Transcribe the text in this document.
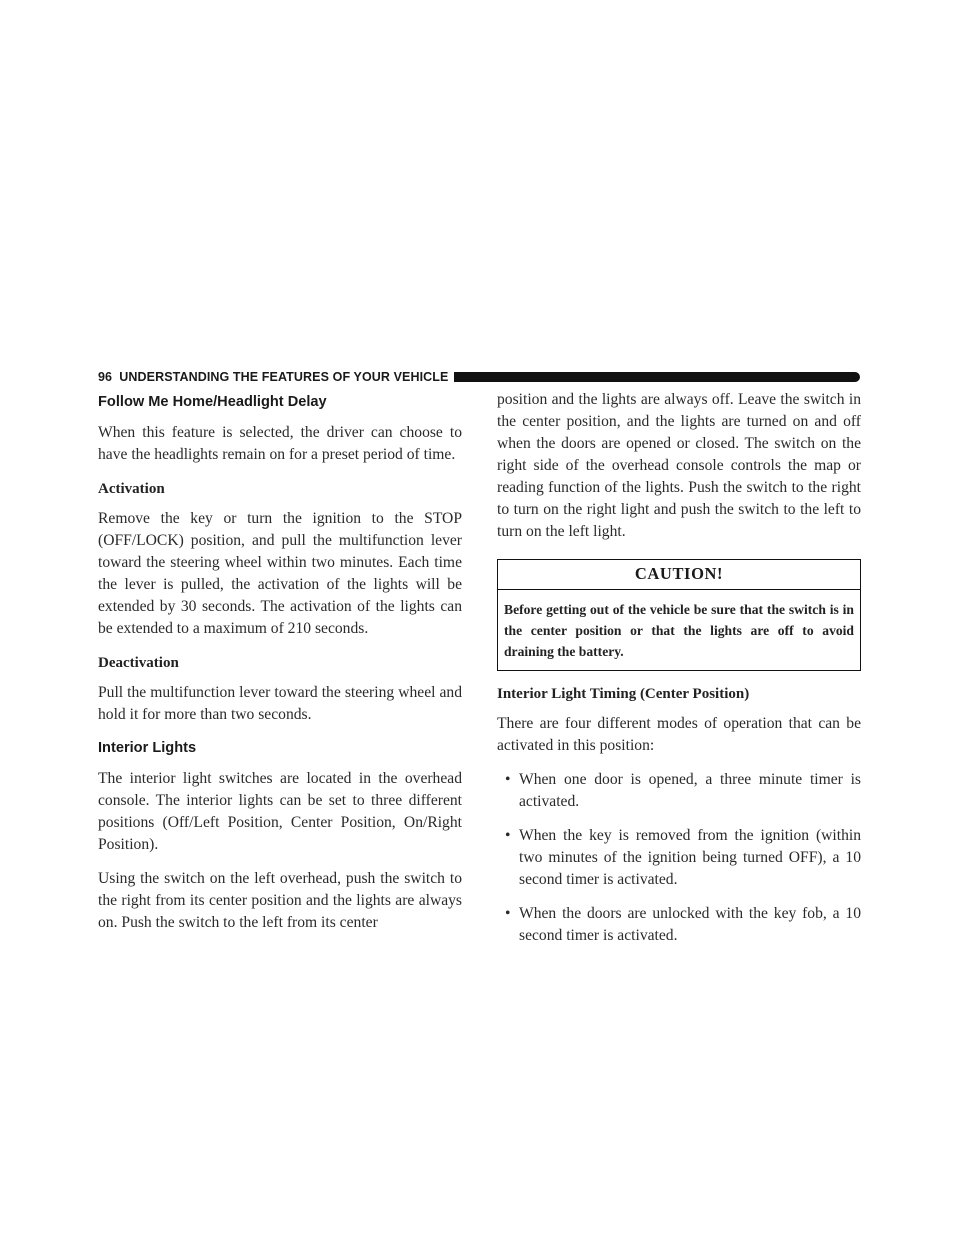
96
UNDERSTANDING THE FEATURES OF YOUR VEHICLE
Follow Me Home/Headlight Delay

When this feature is selected, the driver can choose to have the headlights remain on for a preset period of time.

Activation

Remove the key or turn the ignition to the STOP (OFF/LOCK) position, and pull the multifunction lever toward the steering wheel within two minutes. Each time the lever is pulled, the activation of the lights will be extended by 30 seconds. The activation of the lights can be extended to a maximum of 210 seconds.

Deactivation

Pull the multifunction lever toward the steering wheel and hold it for more than two seconds.

Interior Lights

The interior light switches are located in the overhead console. The interior lights can be set to three different positions (Off/Left Position, Center Position, On/Right Position).

Using the switch on the left overhead, push the switch to the right from its center position and the lights are always on. Push the switch to the left from its center

position and the lights are always off. Leave the switch in the center position, and the lights are turned on and off when the doors are opened or closed. The switch on the right side of the overhead console controls the map or reading function of the lights. Push the switch to the right to turn on the right light and push the switch to the left to turn on the left light.

CAUTION!
Before getting out of the vehicle be sure that the switch is in the center position or that the lights are off to avoid draining the battery.
Interior Light Timing (Center Position)

There are four different modes of operation that can be activated in this position:

• When one door is opened, a three minute timer is activated.
• When the key is removed from the ignition (within two minutes of the ignition being turned OFF), a 10 second timer is activated.
• When the doors are unlocked with the key fob, a 10 second timer is activated.
